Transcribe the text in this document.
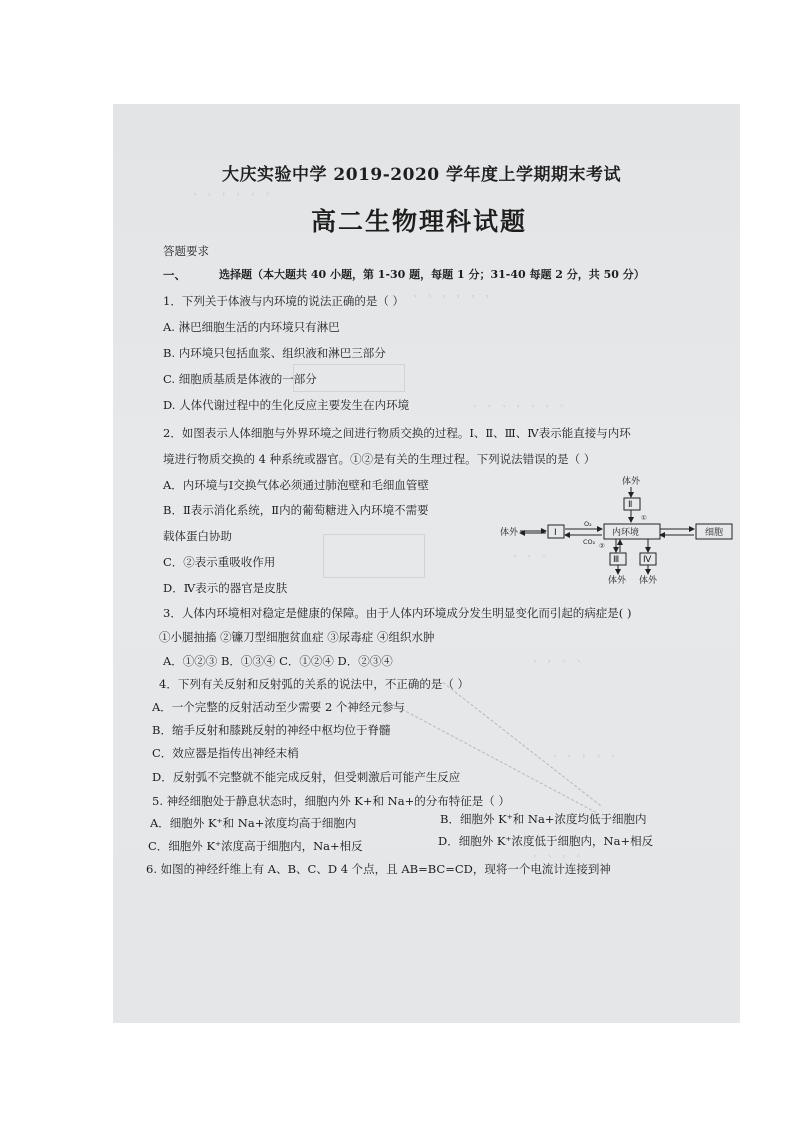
、 ， ， ， ， 。
、 。 ， ， ， ，
， ， 、 ， ， ， 。
、 ， 。
， ， 。 、
、 ， ， 。 ，
， 、 ， 。
大庆实验中学 2019-2020 学年度上学期期末考试
高二生物理科试题
答题要求
一、	选择题（本大题共 40 小题，第 1-30 题，每题 1 分；31-40 每题 2 分，共 50 分）
1．下列关于体液与内环境的说法正确的是（ ）
A. 淋巴细胞生活的内环境只有淋巴
B. 内环境只包括血浆、组织液和淋巴三部分
C. 细胞质基质是体液的一部分
D. 人体代谢过程中的生化反应主要发生在内环境
2．如图表示人体细胞与外界环境之间进行物质交换的过程。Ⅰ、Ⅱ、Ⅲ、Ⅳ表示能直接与内环
境进行物质交换的 4 种系统或器官。①②是有关的生理过程。下列说法错误的是（ ）
A．内环境与Ⅰ交换气体必须通过肺泡壁和毛细血管壁
B．Ⅱ表示消化系统，Ⅱ内的葡萄糖进入内环境不需要
载体蛋白协助
C．②表示重吸收作用
D．Ⅳ表示的器官是皮肤
体外
Ⅱ
①
体外	Ⅰ
O₂
CO₂
内环境	细胞
②
Ⅲ	Ⅳ
体外 体外
3．人体内环境相对稳定是健康的保障。由于人体内环境成分发生明显变化而引起的病症是( )
①小腿抽搐 ②镰刀型细胞贫血症 ③尿毒症 ④组织水肿
A．①②③ B．①③④ C．①②④ D．②③④
4．下列有关反射和反射弧的关系的说法中，不正确的是（ ）
A．一个完整的反射活动至少需要 2 个神经元参与
B．缩手反射和膝跳反射的神经中枢均位于脊髓
C．效应器是指传出神经末梢
D．反射弧不完整就不能完成反射，但受刺激后可能产生反应
5. 神经细胞处于静息状态时，细胞内外 K+和 Na+的分布特征是（ ）
A．细胞外 K⁺和 Na+浓度均高于细胞内	B．细胞外 K⁺和 Na+浓度均低于细胞内
C．细胞外 K⁺浓度高于细胞内，Na+相反	D．细胞外 K⁺浓度低于细胞内，Na+相反
6. 如图的神经纤维上有 A、B、C、D 4 个点，且 AB=BC=CD，现将一个电流计连接到神
